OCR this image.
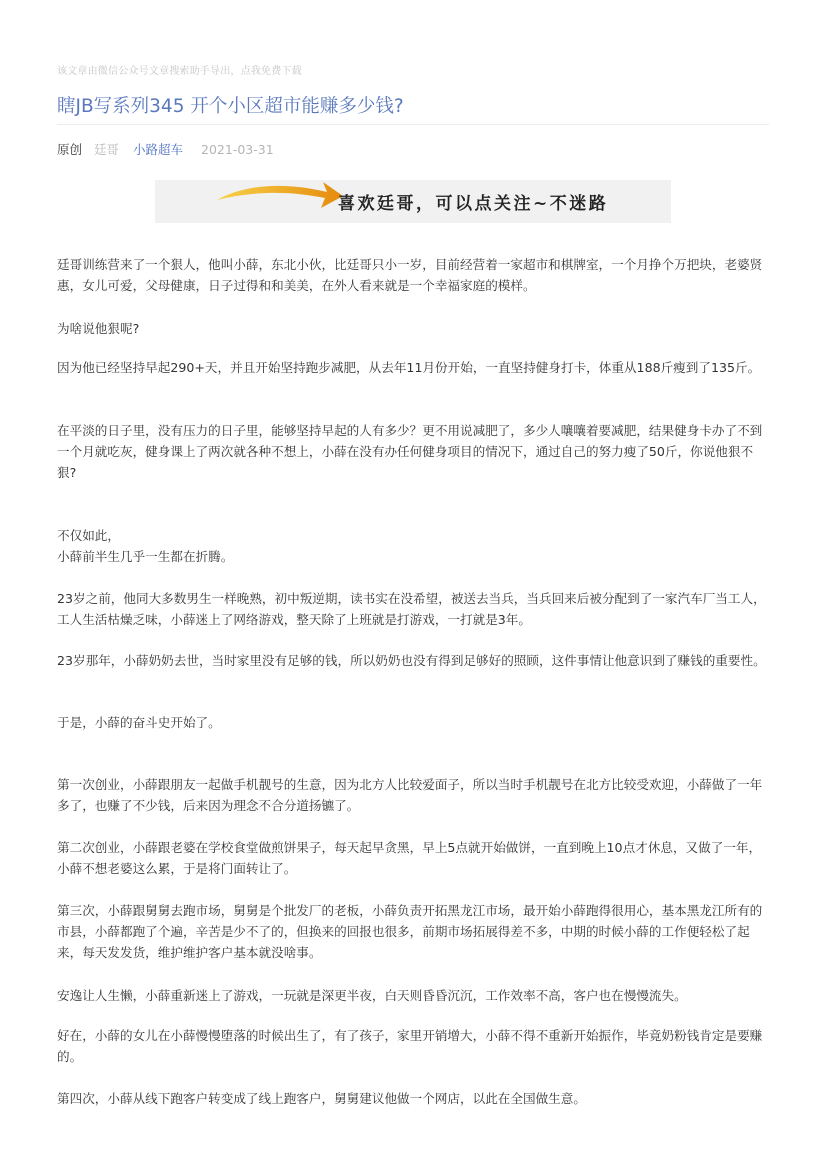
该文章由微信公众号文章搜索助手导出，点我免费下载
瞎JB写系列345 开个小区超市能赚多少钱?
原创 廷哥 小路超车 2021-03-31
喜欢廷哥，可以点关注~不迷路

廷哥训练营来了一个狠人，他叫小薛，东北小伙，比廷哥只小一岁，目前经营着一家超市和棋牌室，一个月挣个万把块，老婆贤惠，女儿可爱，父母健康，日子过得和和美美，在外人看来就是一个幸福家庭的模样。

为啥说他狠呢?

因为他已经坚持早起290+天，并且开始坚持跑步减肥，从去年11月份开始，一直坚持健身打卡，体重从188斤瘦到了135斤。

在平淡的日子里，没有压力的日子里，能够坚持早起的人有多少？更不用说减肥了，多少人嚷嚷着要减肥，结果健身卡办了不到一个月就吃灰，健身课上了两次就各种不想上，小薛在没有办任何健身项目的情况下，通过自己的努力瘦了50斤，你说他狠不狠?

不仅如此，

小薛前半生几乎一生都在折腾。

23岁之前，他同大多数男生一样晚熟，初中叛逆期，读书实在没希望，被送去当兵，当兵回来后被分配到了一家汽车厂当工人，工人生活枯燥乏味，小薛迷上了网络游戏，整天除了上班就是打游戏，一打就是3年。

23岁那年，小薛奶奶去世，当时家里没有足够的钱，所以奶奶也没有得到足够好的照顾，这件事情让他意识到了赚钱的重要性。

于是，小薛的奋斗史开始了。

第一次创业，小薛跟朋友一起做手机靓号的生意，因为北方人比较爱面子，所以当时手机靓号在北方比较受欢迎，小薛做了一年多了，也赚了不少钱，后来因为理念不合分道扬镳了。

第二次创业，小薛跟老婆在学校食堂做煎饼果子，每天起早贪黑，早上5点就开始做饼，一直到晚上10点才休息，又做了一年，小薛不想老婆这么累，于是将门面转让了。

第三次，小薛跟舅舅去跑市场，舅舅是个批发厂的老板，小薛负责开拓黑龙江市场，最开始小薛跑得很用心，基本黑龙江所有的市县，小薛都跑了个遍，辛苦是少不了的，但换来的回报也很多，前期市场拓展得差不多，中期的时候小薛的工作便轻松了起来，每天发发货，维护维护客户基本就没啥事。

安逸让人生懒，小薛重新迷上了游戏，一玩就是深更半夜，白天则昏昏沉沉，工作效率不高，客户也在慢慢流失。

好在，小薛的女儿在小薛慢慢堕落的时候出生了，有了孩子，家里开销增大，小薛不得不重新开始振作，毕竟奶粉钱肯定是要赚的。

第四次，小薛从线下跑客户转变成了线上跑客户，舅舅建议他做一个网店，以此在全国做生意。
